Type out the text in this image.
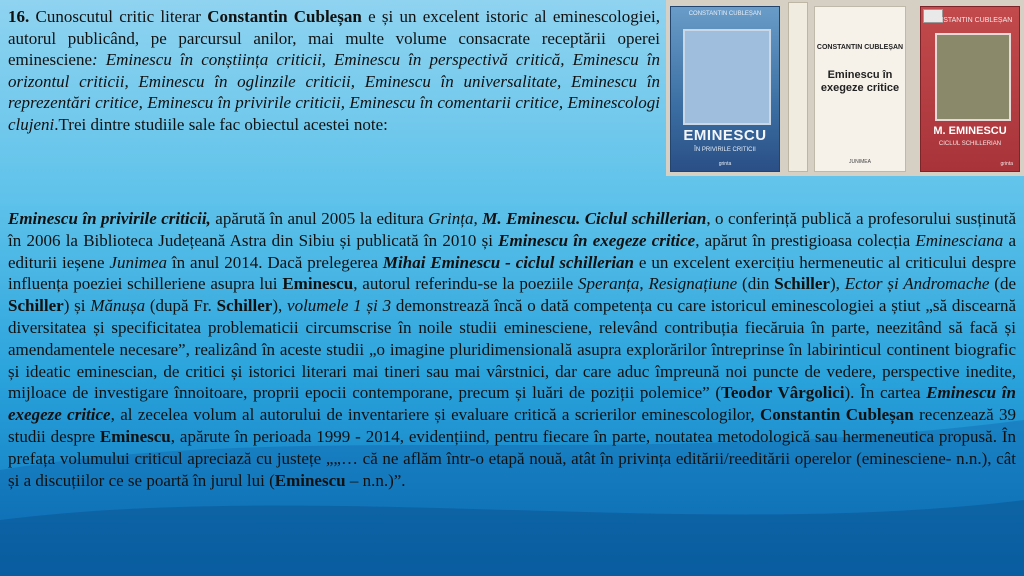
16. Cunoscutul critic literar Constantin Cubleșan e și un excelent istoric al eminescologiei, autorul publicând, pe parcursul anilor, mai multe volume consacrate receptării operei eminesciene: Eminescu în conștiința criticii, Eminescu în perspectivă critică, Eminescu în orizontul criticii, Eminescu în oglinzile criticii, Eminescu în universalitate, Eminescu în reprezentări critice, Eminescu în privirile criticii, Eminescu în comentarii critice, Eminescologi clujeni.Trei dintre studiile sale fac obiectul acestei note:

CONSTANTIN CUBLEȘAN
EMINESCU
ÎN PRIVIRILE CRITICII
grinta
CONSTANTIN CUBLEȘAN
Eminescu în exegeze critice
JUNIMEA
CONSTANTIN CUBLEȘAN
M. EMINESCU
CICLUL SCHILLERIAN
grinta

Eminescu în privirile criticii, apărută în anul 2005 la editura Grința, M. Eminescu. Ciclul schillerian, o conferință publică a profesorului susținută în 2006 la Biblioteca Județeană Astra din Sibiu și publicată în 2010 și Eminescu în exegeze critice, apărut în prestigioasa colecția Eminesciana a editurii ieșene Junimea în anul 2014. Dacă prelegerea Mihai Eminescu - ciclul schillerian e un excelent exercițiu hermeneutic al criticului despre influența poeziei schilleriene asupra lui Eminescu, autorul referindu-se la poeziile Speranța, Resignațiune (din Schiller), Ector și Andromache (de Schiller) și Mănușa (după Fr. Schiller), volumele 1 și 3 demonstrează încă o dată competența cu care istoricul eminescologiei a știut „să discearnă diversitatea și specificitatea problematicii circumscrise în noile studii eminesciene, relevând contribuția fiecăruia în parte, neezitând să facă și amendamentele necesare”, realizând în aceste studii „o imagine pluridimensională asupra explorărilor întreprinse în labirinticul continent biografic și ideatic eminescian, de critici și istorici literari mai tineri sau mai vârstnici, dar care aduc împreună noi puncte de vedere, perspective inedite, mijloace de investigare înnoitoare, proprii epocii contemporane, precum și luări de poziții polemice” (Teodor Vârgolici). În cartea Eminescu în exegeze critice, al zecelea volum al autorului de inventariere și evaluare critică a scrierilor eminescologilor, Constantin Cubleșan recenzează 39 studii despre Eminescu, apărute în perioada 1999 - 2014, evidențiind, pentru fiecare în parte, noutatea metodologică sau hermeneutica propusă. În prefața volumului criticul apreciază cu justețe „„… că ne aflăm într-o etapă nouă, atât în privința editării/reeditării operelor (eminesciene- n.n.), cât și a discuțiilor ce se poartă în jurul lui (Eminescu – n.n.)”.
